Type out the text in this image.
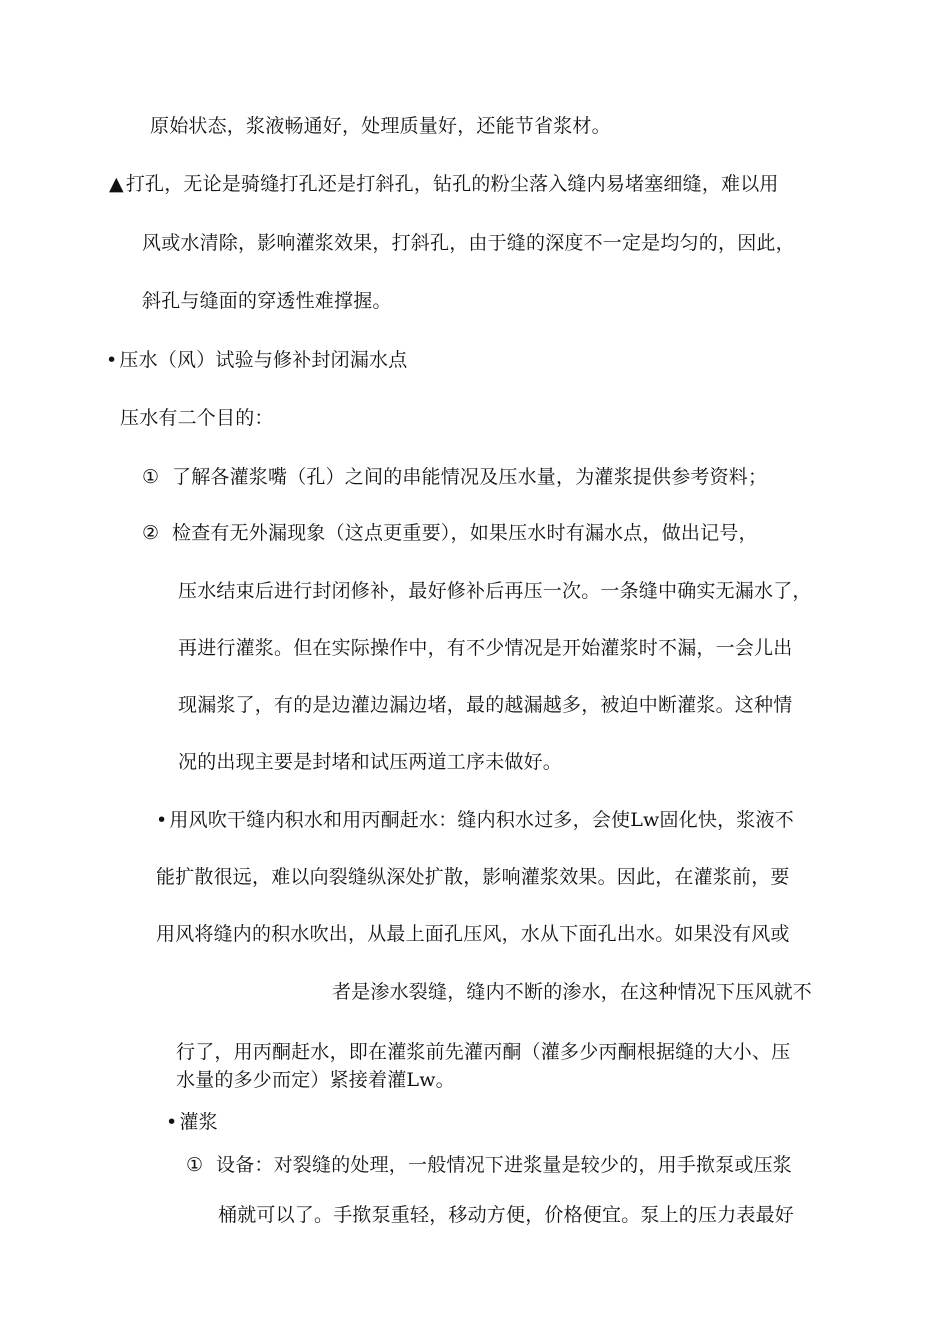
原始状态，浆液畅通好，处理质量好，还能节省浆材。
▲ 打孔，无论是骑缝打孔还是打斜孔，钻孔的粉尘落入缝内易堵塞细缝，难以用
风或水清除，影响灌浆效果，打斜孔，由于缝的深度不一定是均匀的，因此，
斜孔与缝面的穿透性难撑握。
• 压水（风）试验与修补封闭漏水点
压水有二个目的：
① 了解各灌浆嘴（孔）之间的串能情况及压水量，为灌浆提供参考资料；
② 检查有无外漏现象（这点更重要），如果压水时有漏水点，做出记号，
压水结束后进行封闭修补，最好修补后再压一次。一条缝中确实无漏水了，
再进行灌浆。但在实际操作中，有不少情况是开始灌浆时不漏，一会儿出
现漏浆了，有的是边灌边漏边堵，最的越漏越多，被迫中断灌浆。这种情
况的出现主要是封堵和试压两道工序未做好。
• 用风吹干缝内积水和用丙酮赶水：缝内积水过多，会使Lw固化快，浆液不
能扩散很远，难以向裂缝纵深处扩散，影响灌浆效果。因此，在灌浆前，要
用风将缝内的积水吹出，从最上面孔压风，水从下面孔出水。如果没有风或
者是渗水裂缝，缝内不断的渗水，在这种情况下压风就不
行了，用丙酮赶水，即在灌浆前先灌丙酮（灌多少丙酮根据缝的大小、压
水量的多少而定）紧接着灌Lw。
• 灌浆
① 设备：对裂缝的处理，一般情况下进浆量是较少的，用手揿泵或压浆
桶就可以了。手揿泵重轻，移动方便，价格便宜。泵上的压力表最好
